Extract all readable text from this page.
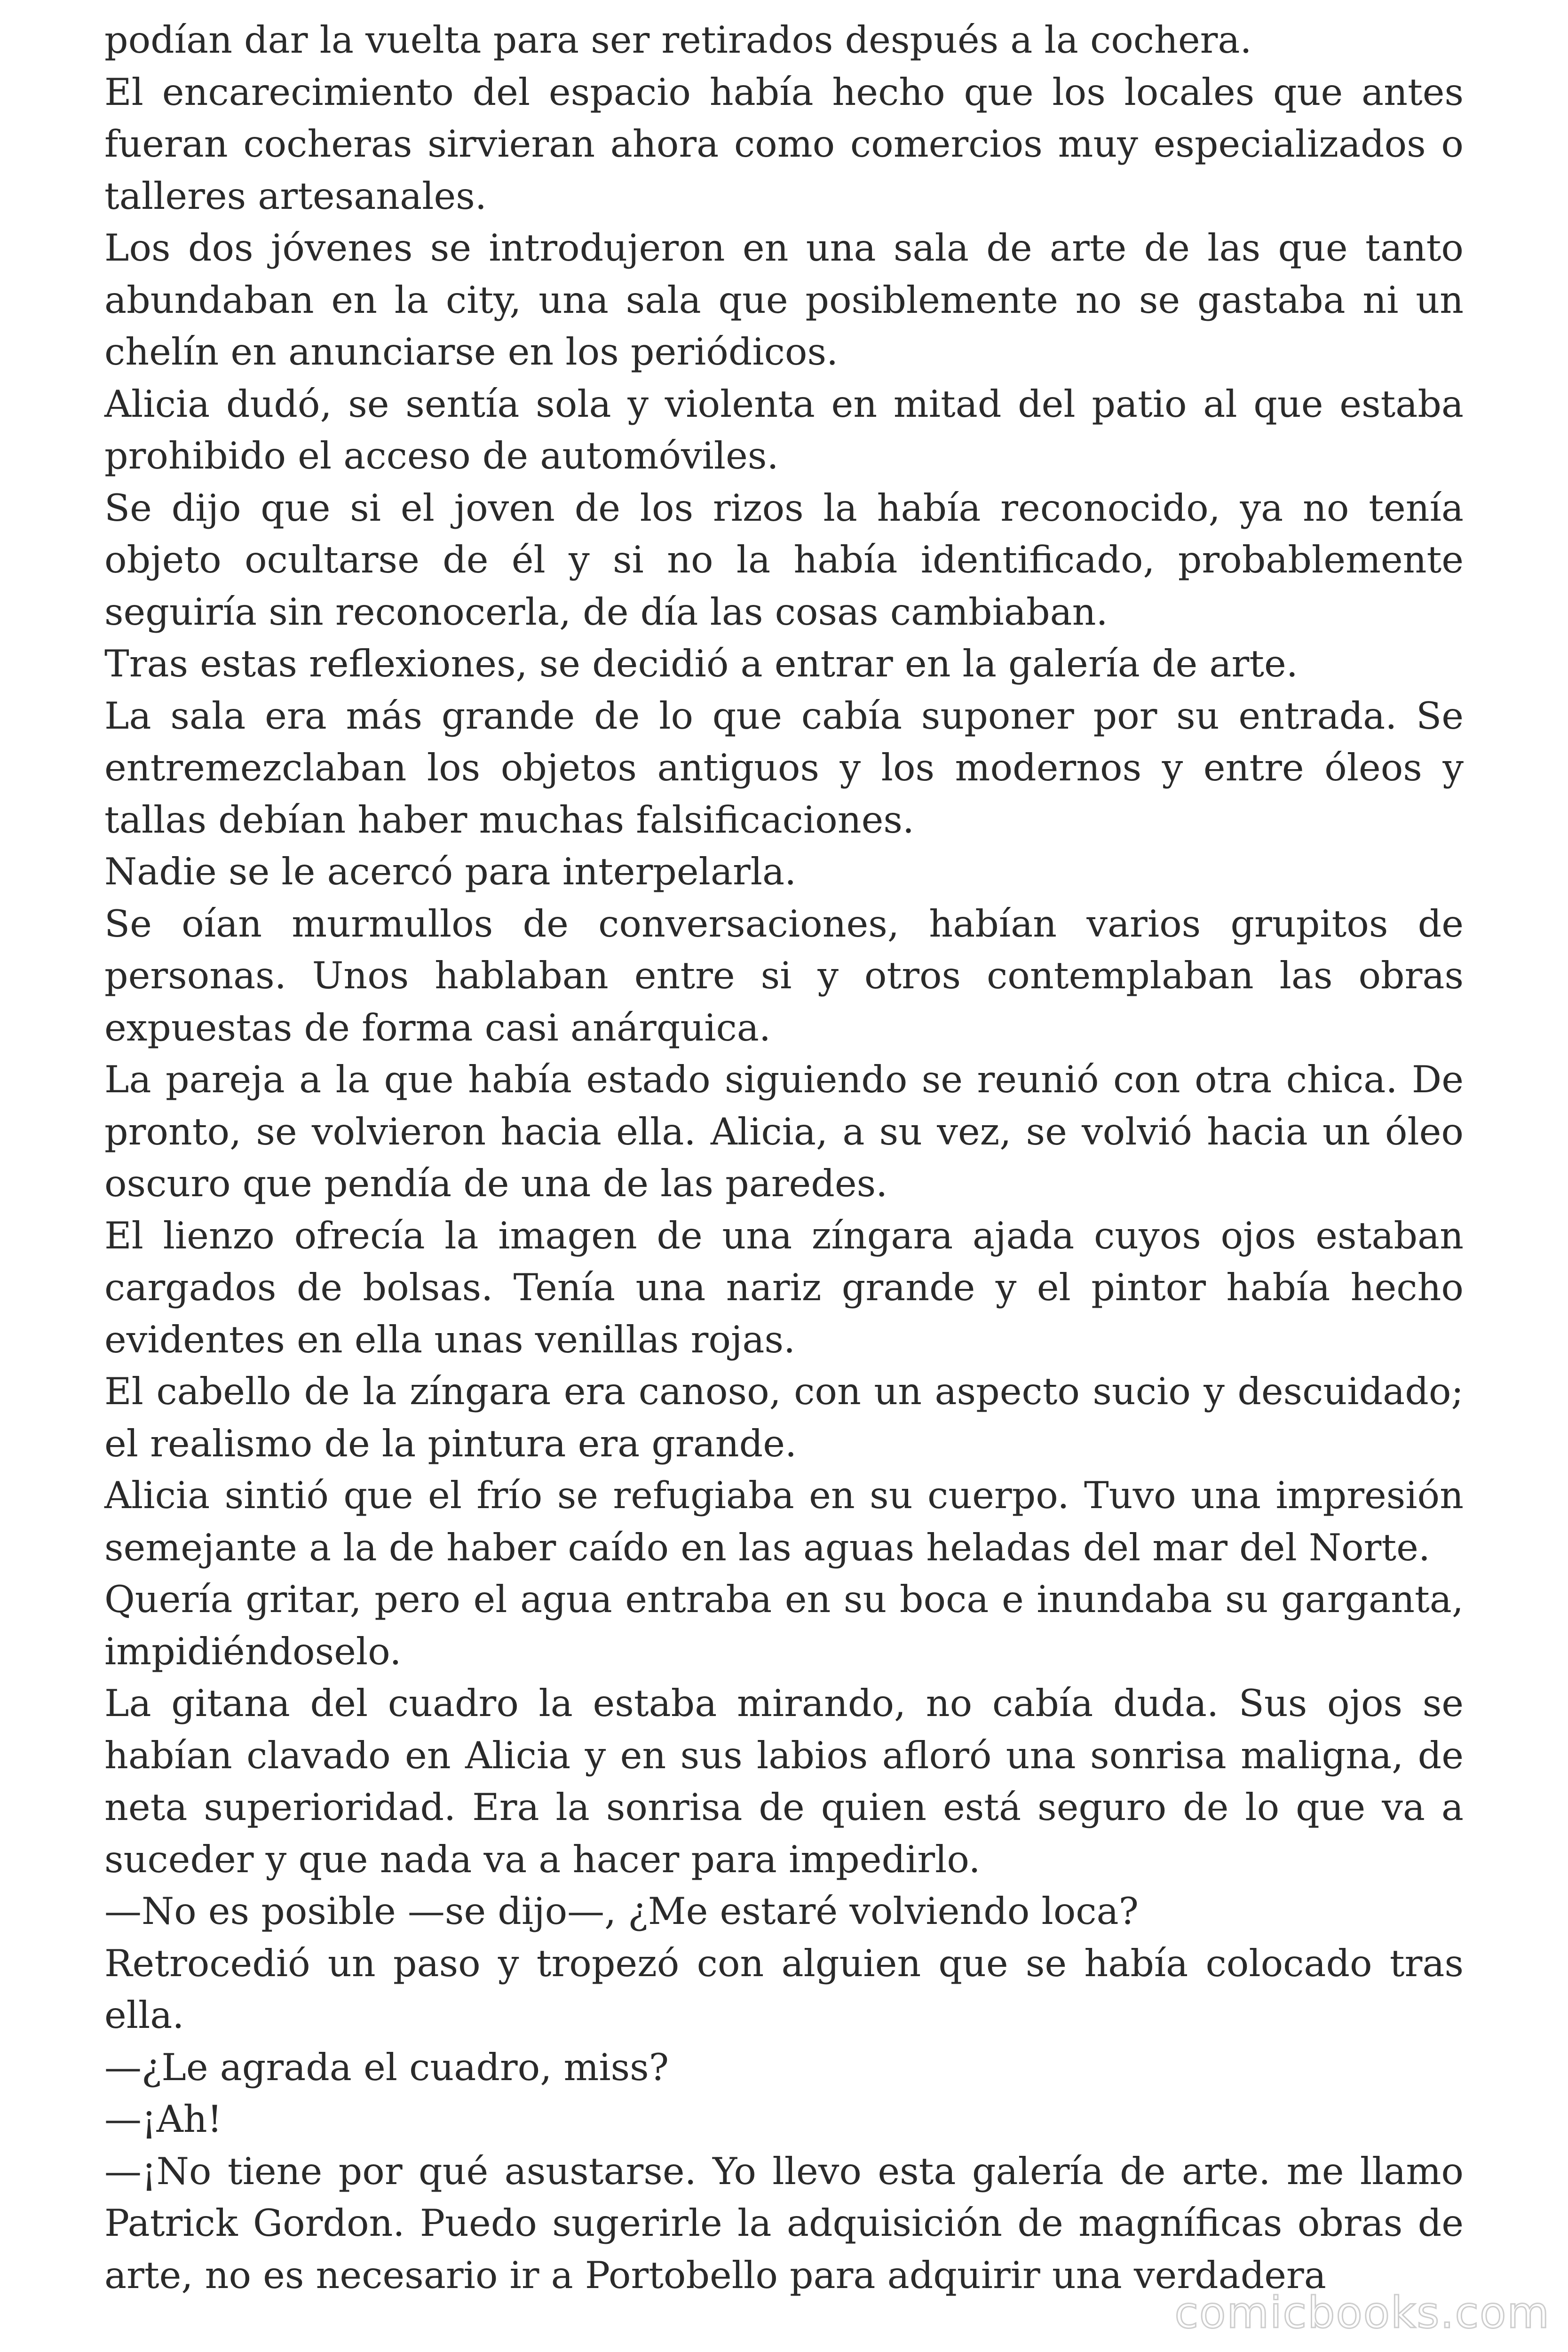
podían dar la vuelta para ser retirados después a la cochera.

El encarecimiento del espacio había hecho que los locales que antes fueran cocheras sirvieran ahora como comercios muy especializados o talleres artesanales.

Los dos jóvenes se introdujeron en una sala de arte de las que tanto abundaban en la city, una sala que posiblemente no se gastaba ni un chelín en anunciarse en los periódicos.

Alicia dudó, se sentía sola y violenta en mitad del patio al que estaba prohibido el acceso de automóviles.

Se dijo que si el joven de los rizos la había reconocido, ya no tenía objeto ocultarse de él y si no la había identificado, probablemente seguiría sin reconocerla, de día las cosas cambiaban.

Tras estas reflexiones, se decidió a entrar en la galería de arte.

La sala era más grande de lo que cabía suponer por su entrada. Se entremezclaban los objetos antiguos y los modernos y entre óleos y tallas debían haber muchas falsificaciones.

Nadie se le acercó para interpelarla.

Se oían murmullos de conversaciones, habían varios grupitos de personas. Unos hablaban entre si y otros contemplaban las obras expuestas de forma casi anárquica.

La pareja a la que había estado siguiendo se reunió con otra chica. De pronto, se volvieron hacia ella. Alicia, a su vez, se volvió hacia un óleo oscuro que pendía de una de las paredes.

El lienzo ofrecía la imagen de una zíngara ajada cuyos ojos estaban cargados de bolsas. Tenía una nariz grande y el pintor había hecho evidentes en ella unas venillas rojas.

El cabello de la zíngara era canoso, con un aspecto sucio y descuidado; el realismo de la pintura era grande.

Alicia sintió que el frío se refugiaba en su cuerpo. Tuvo una impresión semejante a la de haber caído en las aguas heladas del mar del Norte.

Quería gritar, pero el agua entraba en su boca e inundaba su garganta, impidiéndoselo.

La gitana del cuadro la estaba mirando, no cabía duda. Sus ojos se habían clavado en Alicia y en sus labios afloró una sonrisa maligna, de neta superioridad. Era la sonrisa de quien está seguro de lo que va a suceder y que nada va a hacer para impedirlo.

—No es posible —se dijo—, ¿Me estaré volviendo loca?

Retrocedió un paso y tropezó con alguien que se había colocado tras ella.

—¿Le agrada el cuadro, miss?

—¡Ah!

—¡No tiene por qué asustarse. Yo llevo esta galería de arte. me llamo Patrick Gordon. Puedo sugerirle la adquisición de magníficas obras de arte, no es necesario ir a Portobello para adquirir una verdadera

comicbooks.com
